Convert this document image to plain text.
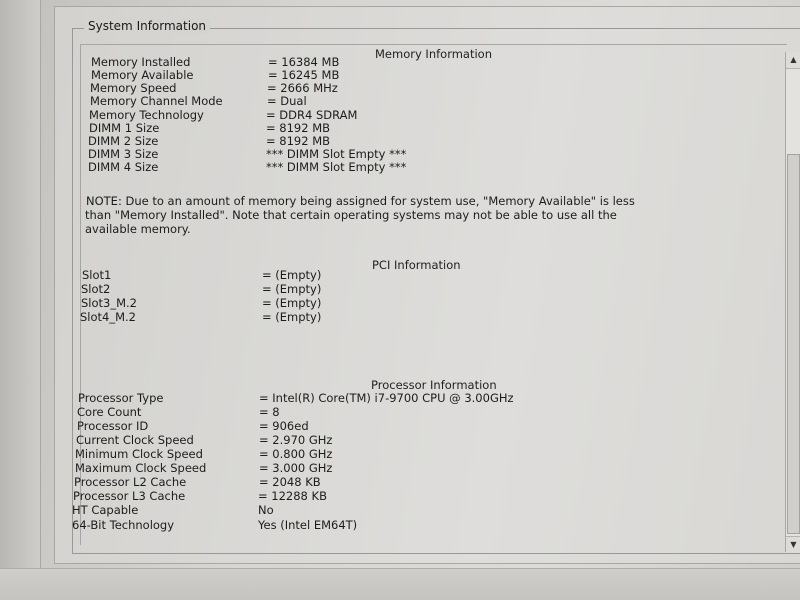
System Information
▲
▼
Memory Information
Memory Installed	= 16384 MB
Memory Available	= 16245 MB
Memory Speed	= 2666 MHz
Memory Channel Mode	= Dual
Memory Technology	= DDR4 SDRAM
DIMM 1 Size	= 8192 MB
DIMM 2 Size	= 8192 MB
DIMM 3 Size	*** DIMM Slot Empty ***
DIMM 4 Size	*** DIMM Slot Empty ***
NOTE: Due to an amount of memory being assigned for system use, "Memory Available" is less
than "Memory Installed". Note that certain operating systems may not be able to use all the
available memory.
PCI Information
Slot1	= (Empty)
Slot2	= (Empty)
Slot3_M.2	= (Empty)
Slot4_M.2	= (Empty)
Processor Information
Processor Type	= Intel(R) Core(TM) i7-9700 CPU @ 3.00GHz
Core Count	= 8
Processor ID	= 906ed
Current Clock Speed	= 2.970 GHz
Minimum Clock Speed	= 0.800 GHz
Maximum Clock Speed	= 3.000 GHz
Processor L2 Cache	= 2048 KB
Processor L3 Cache	= 12288 KB
HT Capable	No
64-Bit Technology	Yes (Intel EM64T)
